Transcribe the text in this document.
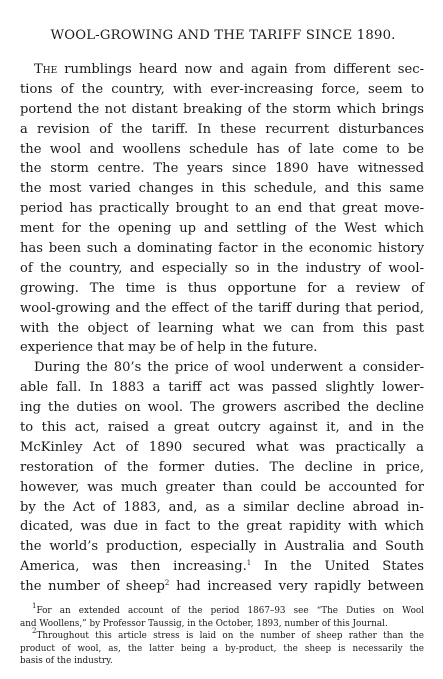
WOOL-GROWING AND THE TARIFF SINCE 1890.
The rumblings heard now and again from different sec-
tions of the country, with ever-increasing force, seem to
portend the not distant breaking of the storm which brings
a revision of the tariff. In these recurrent disturbances
the wool and woollens schedule has of late come to be
the storm centre. The years since 1890 have witnessed
the most varied changes in this schedule, and this same
period has practically brought to an end that great move-
ment for the opening up and settling of the West which
has been such a dominating factor in the economic history
of the country, and especially so in the industry of wool-
growing. The time is thus opportune for a review of
wool-growing and the effect of the tariff during that period,
with the object of learning what we can from this past
experience that may be of help in the future.
During the 80’s the price of wool underwent a consider-
able fall. In 1883 a tariff act was passed slightly lower-
ing the duties on wool. The growers ascribed the decline
to this act, raised a great outcry against it, and in the
McKinley Act of 1890 secured what was practically a
restoration of the former duties. The decline in price,
however, was much greater than could be accounted for
by the Act of 1883, and, as a similar decline abroad in-
dicated, was due in fact to the great rapidity with which
the world’s production, especially in Australia and South
America, was then increasing.$^1$ In the United States
the number of sheep$^2$ had increased very rapidly between
$^1$For an extended account of the period 1867–93 see “The Duties on Wool
and Woollens,” by Professor Taussig, in the October, 1893, number of this Journal.
$^2$Throughout this article stress is laid on the number of sheep rather than the
product of wool, as, the latter being a by-product, the sheep is necessarily the
basis of the industry.
